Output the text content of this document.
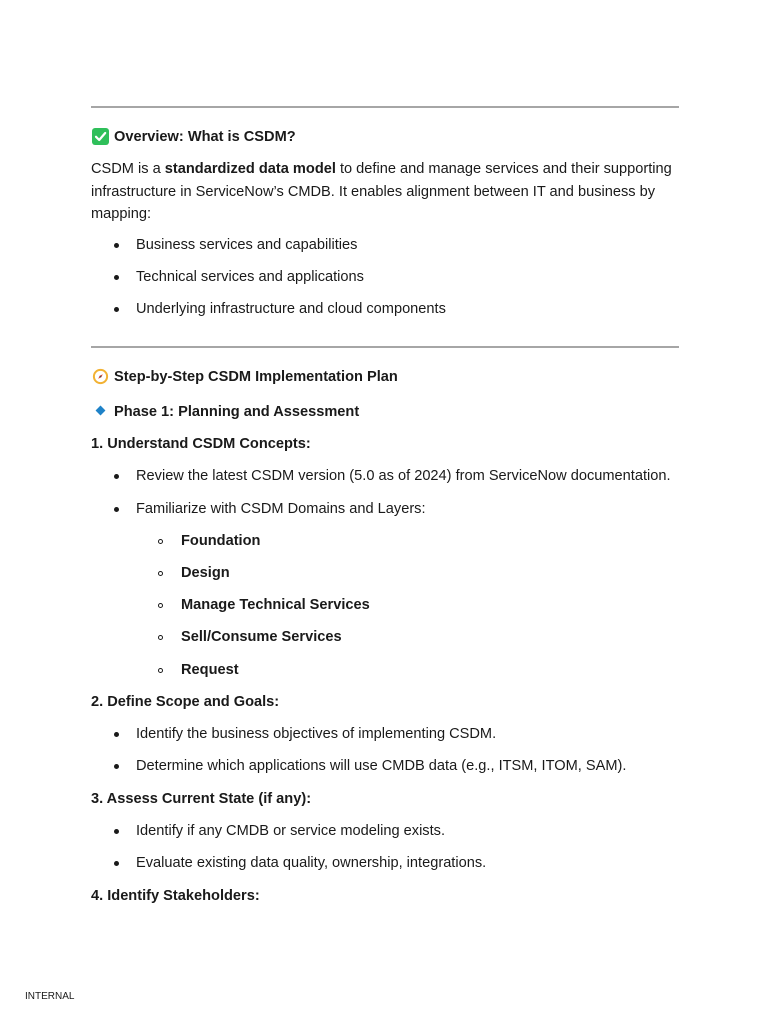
Overview: What is CSDM?
CSDM is a standardized data model to define and manage services and their supporting infrastructure in ServiceNow’s CMDB. It enables alignment between IT and business by mapping:
Business services and capabilities
Technical services and applications
Underlying infrastructure and cloud components
Step-by-Step CSDM Implementation Plan
Phase 1: Planning and Assessment
1. Understand CSDM Concepts:
Review the latest CSDM version (5.0 as of 2024) from ServiceNow documentation.
Familiarize with CSDM Domains and Layers:
Foundation
Design
Manage Technical Services
Sell/Consume Services
Request
2. Define Scope and Goals:
Identify the business objectives of implementing CSDM.
Determine which applications will use CMDB data (e.g., ITSM, ITOM, SAM).
3. Assess Current State (if any):
Identify if any CMDB or service modeling exists.
Evaluate existing data quality, ownership, integrations.
4. Identify Stakeholders:
INTERNAL
